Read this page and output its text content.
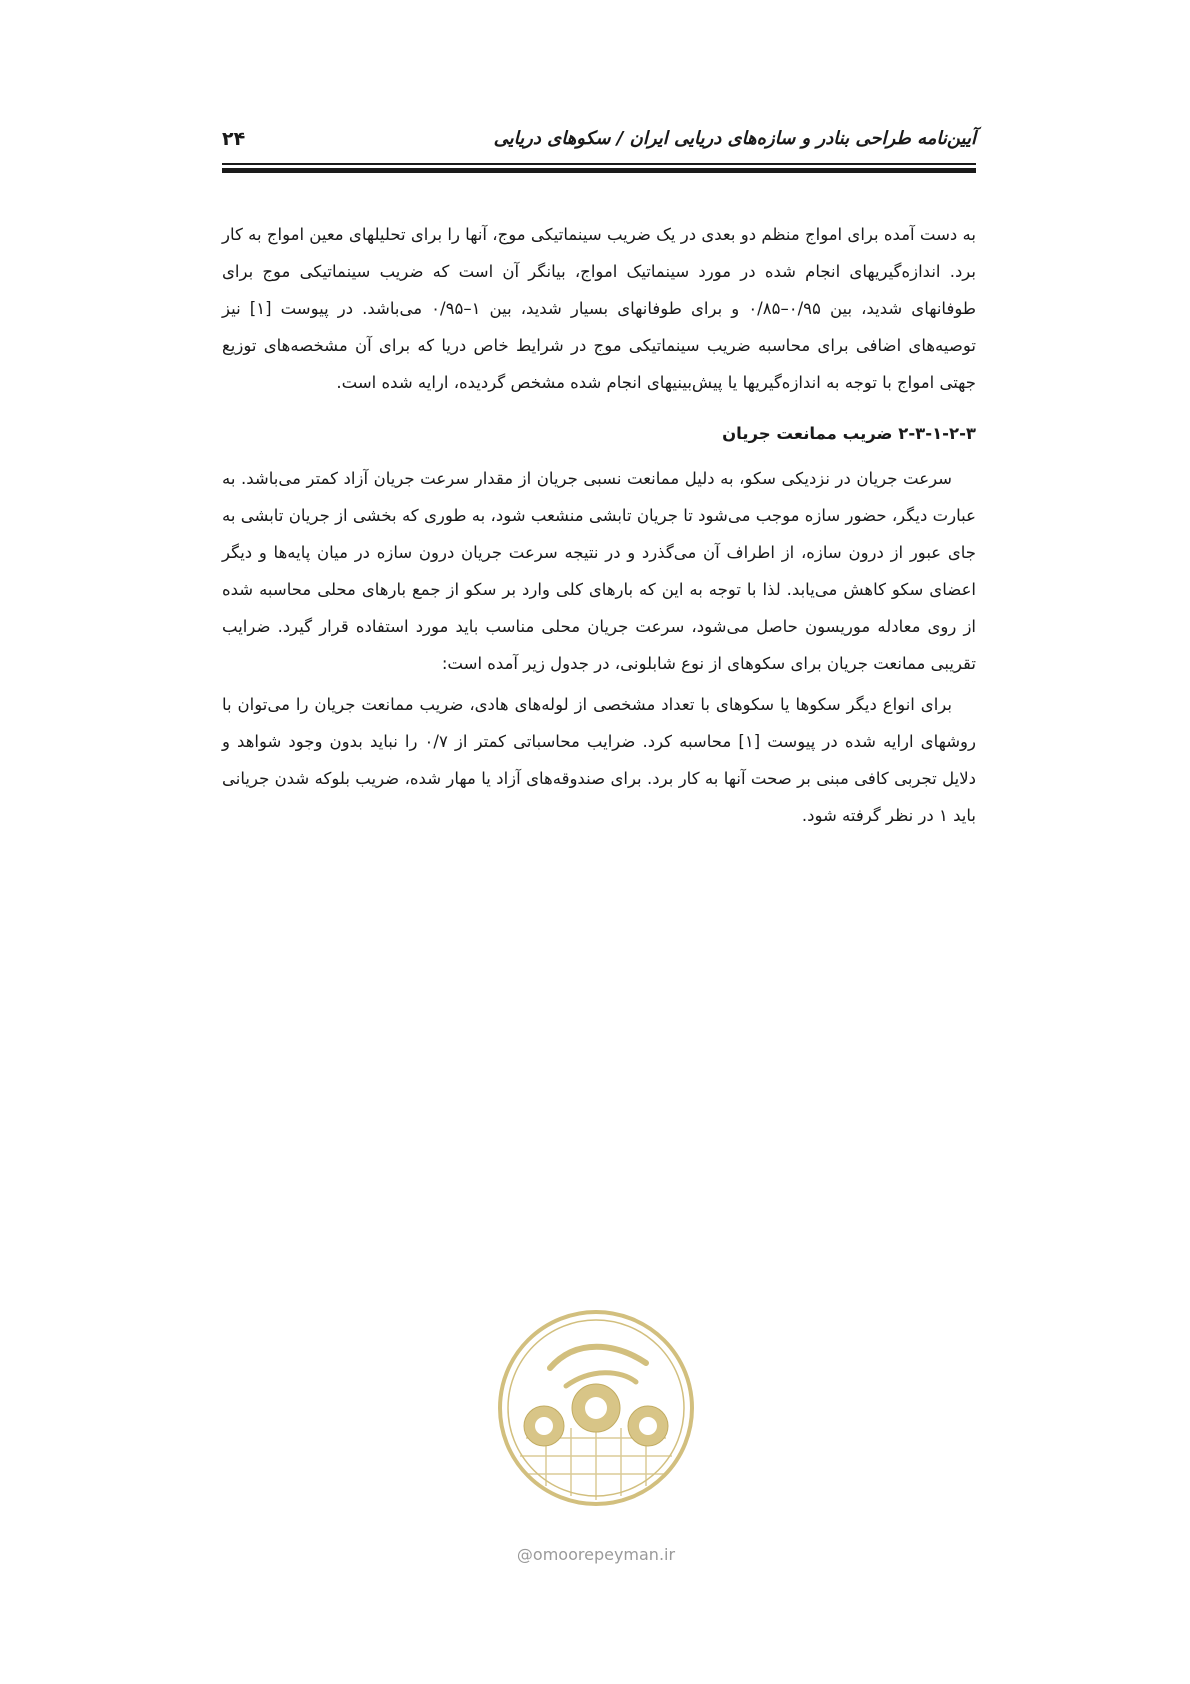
۲۴	آیین‌نامه طراحی بنادر و سازه‌های دریایی ایران / سکوهای دریایی

به دست آمده برای امواج منظم دو بعدی در یک ضریب سینماتیکی موج، آنها را برای تحلیلهای معین امواج به کار برد. اندازه‌گیریهای انجام شده در مورد سینماتیک امواج، بیانگر آن است که ضریب سینماتیکی موج برای طوفانهای شدید، بین ۰/۹۵–۰/۸۵ و برای طوفانهای بسیار شدید، بین ۱–۰/۹۵ می‌باشد. در پیوست [۱] نیز توصیه‌های اضافی برای محاسبه ضریب سینماتیکی موج در شرایط خاص دریا که برای آن مشخصه‌های توزیع جهتی امواج با توجه به اندازه‌گیریها یا پیش‌بینیهای انجام شده مشخص گردیده، ارایه شده است.

۲-۳-۱-۲-۳ ضریب ممانعت جریان

سرعت جریان در نزدیکی سکو، به دلیل ممانعت نسبی جریان از مقدار سرعت جریان آزاد کمتر می‌باشد. به عبارت دیگر، حضور سازه موجب می‌شود تا جریان تابشی منشعب شود، به طوری که بخشی از جریان تابشی به جای عبور از درون سازه، از اطراف آن می‌گذرد و در نتیجه سرعت جریان درون سازه در میان پایه‌ها و دیگر اعضای سکو کاهش می‌یابد. لذا با توجه به این که بارهای کلی وارد بر سکو از جمع بارهای محلی محاسبه شده از روی معادله موریسون حاصل می‌شود، سرعت جریان محلی مناسب باید مورد استفاده قرار گیرد. ضرایب تقریبی ممانعت جریان برای سکوهای از نوع شابلونی، در جدول زیر آمده است:

برای انواع دیگر سکوها یا سکوهای با تعداد مشخصی از لوله‌های هادی، ضریب ممانعت جریان را می‌توان با روشهای ارایه شده در پیوست [۱] محاسبه کرد. ضرایب محاسباتی کمتر از ۰/۷ را نباید بدون وجود شواهد و دلایل تجربی کافی مبنی بر صحت آنها به کار برد. برای صندوقه‌های آزاد یا مهار شده، ضریب بلوکه شدن جریانی باید ۱ در نظر گرفته شود.

@omoorepeyman.ir
